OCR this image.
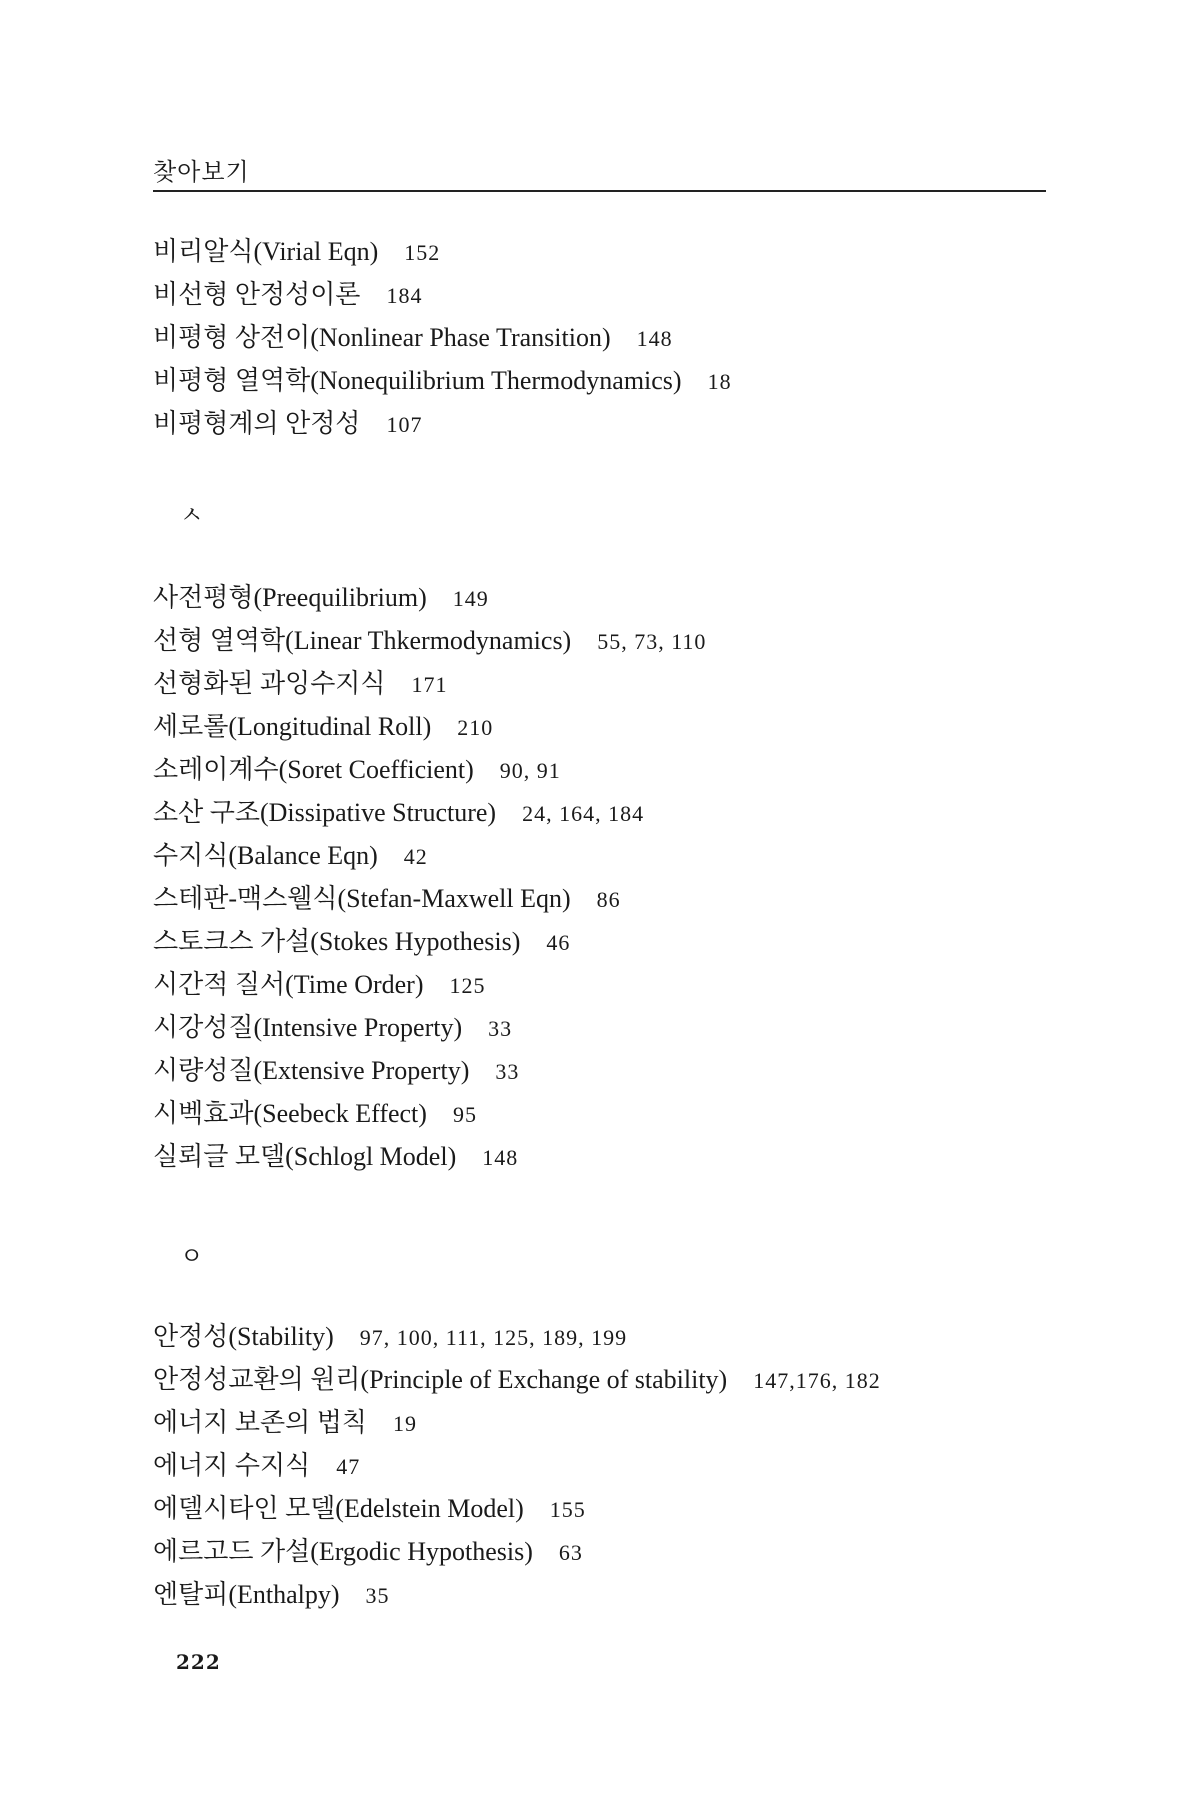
찾아보기
비리알식(Virial Eqn) 152
비선형 안정성이론 184
비평형 상전이(Nonlinear Phase Transition) 148
비평형 열역학(Nonequilibrium Thermodynamics) 18
비평형계의 안정성 107
ㅅ
사전평형(Preequilibrium) 149
선형 열역학(Linear Thkermodynamics) 55, 73, 110
선형화된 과잉수지식 171
세로롤(Longitudinal Roll) 210
소레이계수(Soret Coefficient) 90, 91
소산 구조(Dissipative Structure) 24, 164, 184
수지식(Balance Eqn) 42
스테판-맥스웰식(Stefan-Maxwell Eqn) 86
스토크스 가설(Stokes Hypothesis) 46
시간적 질서(Time Order) 125
시강성질(Intensive Property) 33
시량성질(Extensive Property) 33
시벡효과(Seebeck Effect) 95
실뢰글 모델(Schlogl Model) 148
ㅇ
안정성(Stability) 97, 100, 111, 125, 189, 199
안정성교환의 원리(Principle of Exchange of stability) 147,176, 182
에너지 보존의 법칙 19
에너지 수지식 47
에델시타인 모델(Edelstein Model) 155
에르고드 가설(Ergodic Hypothesis) 63
엔탈피(Enthalpy) 35
222
